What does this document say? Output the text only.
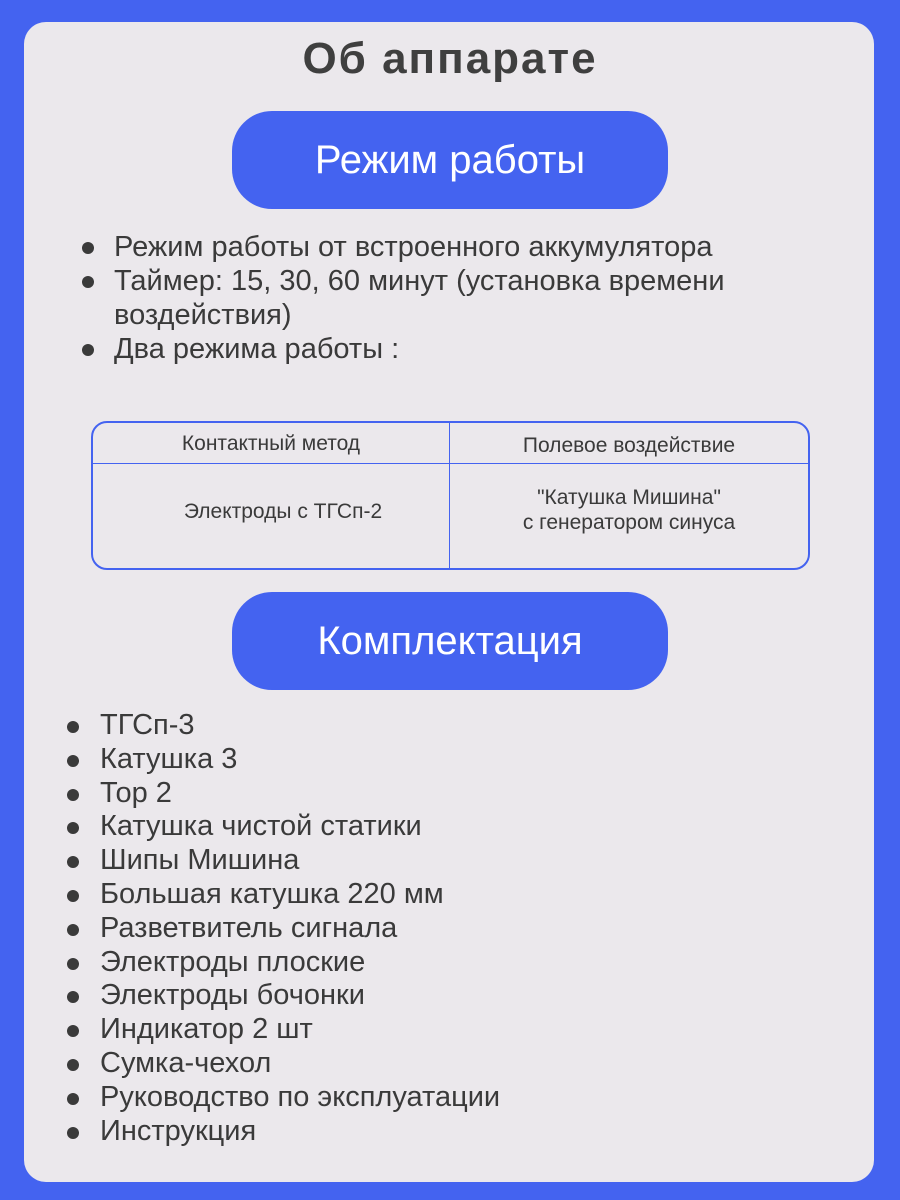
Об аппарате
Режим работы
Режим работы от встроенного аккумулятора
Таймер: 15, 30, 60 минут (установка времени воздействия)
Два режима работы :
Контактный метод	Полевое воздействие
Электроды с ТГСп-2
"Катушка Мишина"
с генератором синуса
Комплектация
ТГСп-3
Катушка 3
Тор 2
Катушка чистой статики
Шипы Мишина
Большая катушка 220 мм
Разветвитель сигнала
Электроды плоские
Электроды бочонки
Индикатор 2 шт
Сумка-чехол
Руководство по эксплуатации
Инструкция
